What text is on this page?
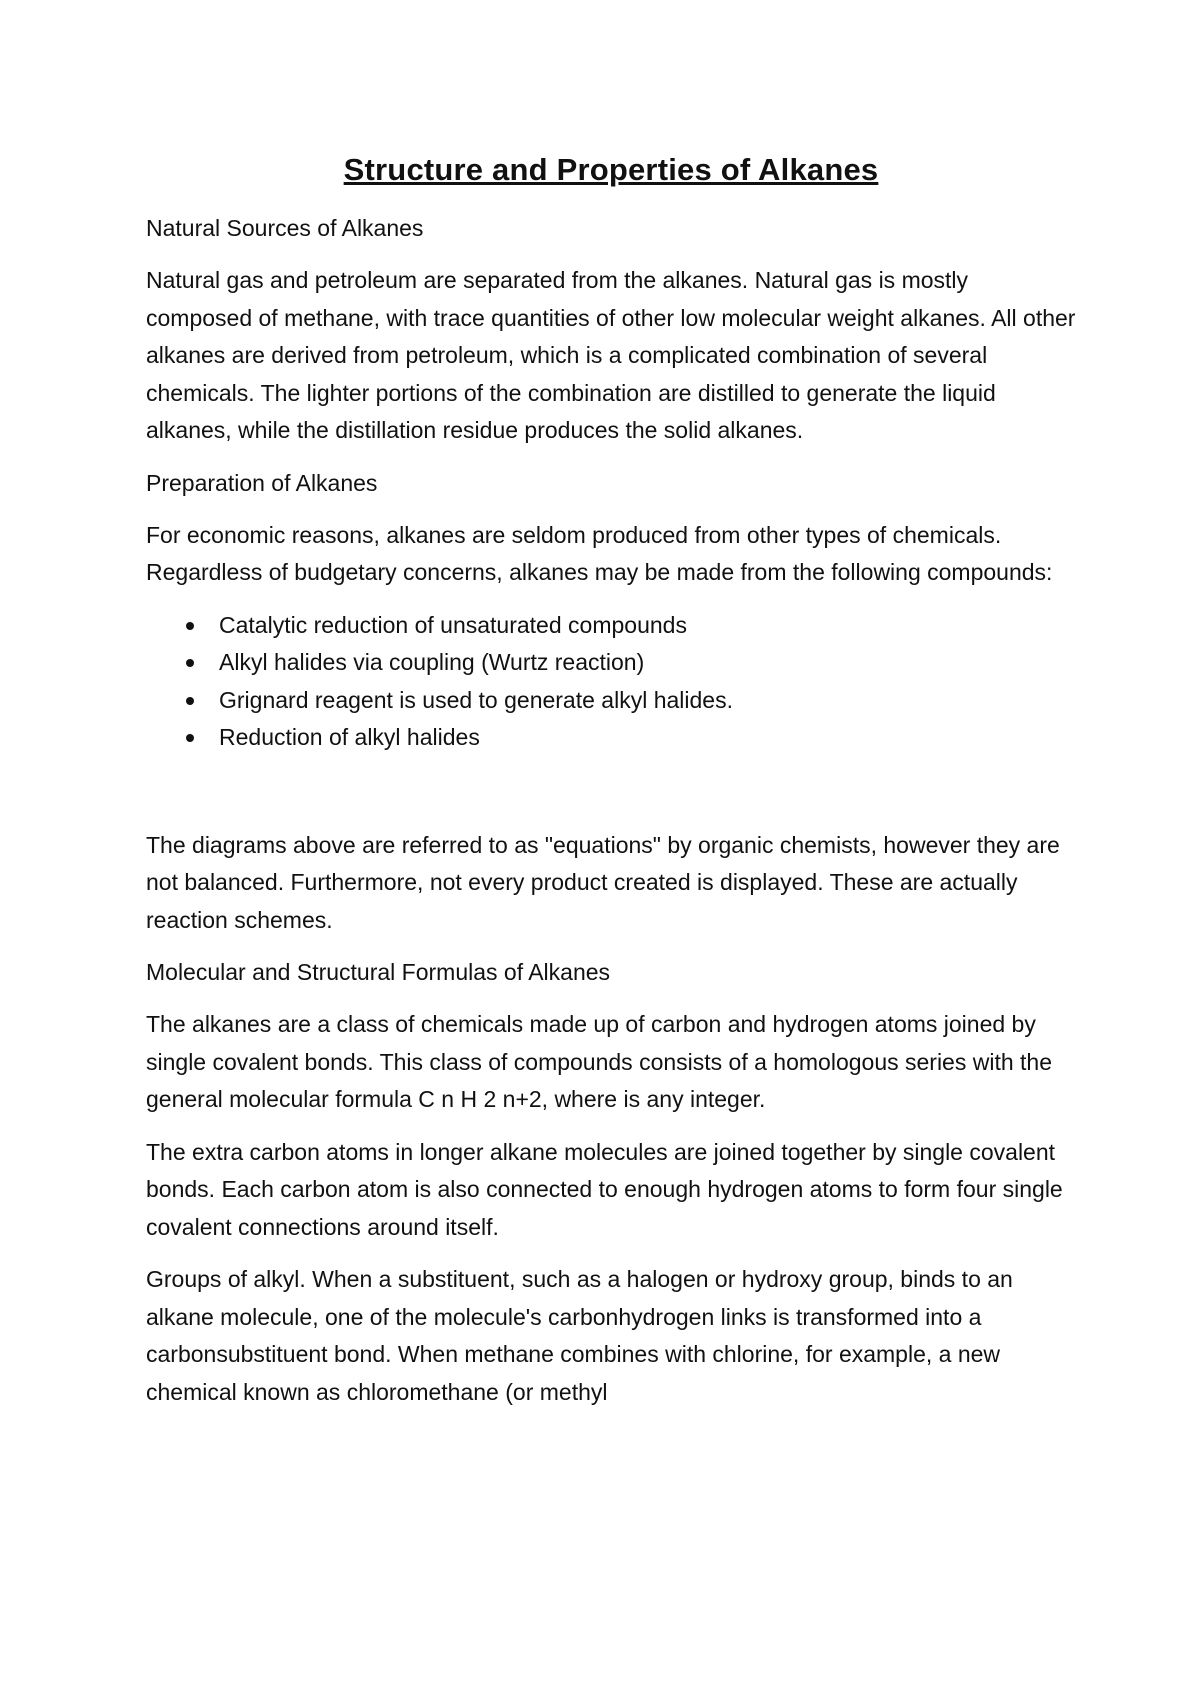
Structure and Properties of Alkanes
Natural Sources of Alkanes

Natural gas and petroleum are separated from the alkanes. Natural gas is mostly composed of methane, with trace quantities of other low molecular weight alkanes. All other alkanes are derived from petroleum, which is a complicated combination of several chemicals. The lighter portions of the combination are distilled to generate the liquid alkanes, while the distillation residue produces the solid alkanes.

Preparation of Alkanes

For economic reasons, alkanes are seldom produced from other types of chemicals. Regardless of budgetary concerns, alkanes may be made from the following compounds:

Catalytic reduction of unsaturated compounds
Alkyl halides via coupling (Wurtz reaction)
Grignard reagent is used to generate alkyl halides.
Reduction of alkyl halides

The diagrams above are referred to as "equations" by organic chemists, however they are not balanced. Furthermore, not every product created is displayed. These are actually reaction schemes.

Molecular and Structural Formulas of Alkanes

The alkanes are a class of chemicals made up of carbon and hydrogen atoms joined by single covalent bonds. This class of compounds consists of a homologous series with the general molecular formula C n H 2 n+2, where is any integer.

The extra carbon atoms in longer alkane molecules are joined together by single covalent bonds. Each carbon atom is also connected to enough hydrogen atoms to form four single covalent connections around itself.

Groups of alkyl. When a substituent, such as a halogen or hydroxy group, binds to an alkane molecule, one of the molecule's carbonhydrogen links is transformed into a carbonsubstituent bond. When methane combines with chlorine, for example, a new chemical known as chloromethane (or methyl
